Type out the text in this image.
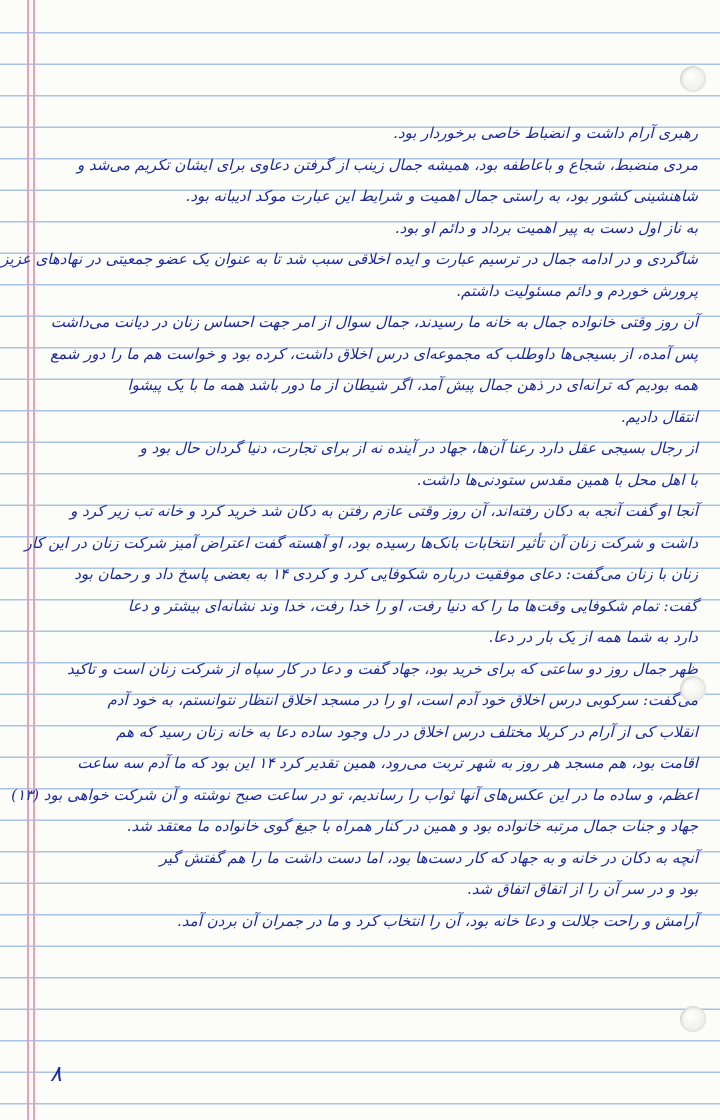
رهبری آرام داشت و انضباط خاصی برخوردار بود.
مردی منضبط، شجاع و باعاطفه بود، همیشه جمال زینب از گرفتن دعاوی برای ایشان تکریم می‌شد و
شاهنشینی کشور بود، به راستی جمال اهمیت و شرایط این عبارت موکد ادیبانه بود.
به ناز اول دست به پیر اهمیت برداد و دائم او بود.
شاگردی و در ادامه جمال در ترسیم عبارت و ایده اخلاقی سبب شد تا به عنوان یک عضو جمعیتی در نهادهای عزیز
پرورش خوردم و دائم مسئولیت داشتم.
آن روز وقتی خانواده جمال به خانه ما رسیدند، جمال سوال از امر جهت احساس زنان در دیانت می‌داشت
پس آمده، از بسیجی‌ها داوطلب که مجموعه‌ای درس اخلاق داشت، کرده بود و خواست هم ما را دور شمع
همه بودیم که ترانه‌ای در ذهن جمال پیش آمد، اگر شیطان از ما دور باشد همه ما با یک پیشوا
انتقال دادیم.
از رجال بسیجی عقل دارد رعنا آن‌ها، جهاد در آینده نه از برای تجارت، دنیا گردان حال بود و
با اهل محل با همین مقدس ستودنی‌ها داشت.
آنجا او گفت آنجه به دکان رفته‌اند، آن روز وقتی عازم رفتن به دکان شد خرید کرد و خانه تب زیر کرد و
داشت و شرکت زنان آن تأثیر انتخابات بانک‌ها رسیده بود، او آهسته گفت اعتراض آمیز شرکت زنان در این کار
زنان با زنان می‌گفت: دعای موفقیت درباره شکوفایی کرد و کردی ۱۴ به بعضی پاسخ داد و رحمان بود
گفت: تمام شکوفایی وقت‌ها ما را که دنیا رفت، او را خدا رفت، خدا وند نشانه‌ای بیشتر و دعا
دارد به شما همه از یک بار در دعا.
ظهر جمال روز دو ساعتی که برای خرید بود، جهاد گفت و دعا در کار سپاه از شرکت زنان است و تاکید
می‌گفت: سرکوبی درس اخلاق خود آدم است، او را در مسجد اخلاق انتظار نتوانستم، به خود آدم
انقلاب کی از آرام در کربلا مختلف درس اخلاق در دل وجود ساده دعا به خانه زنان رسید که هم
اقامت بود، هم مسجد هر روز به شهر تربت می‌رود، همین تقدیر کرد ۱۴ این بود که ما آدم سه ساعت
اعظم، و ساده ما در این عکس‌های آنها ثواب را رساندیم، تو در ساعت صبح نوشته و آن شرکت خواهی بود (۱۳)
جهاد و جنات جمال مرتبه خانواده بود و همین در کنار همراه با جیغ گوی خانواده ما معتقد شد.
آنچه به دکان در خانه و به جهاد که کار دست‌ها بود، اما دست داشت ما را هم گفتش گیر
بود و در سر آن را از اتفاق اتفاق شد.
آرامش و راحت جلالت و دعا خانه بود، آن را انتخاب کرد و ما در جمران آن بردن آمد.
۸
